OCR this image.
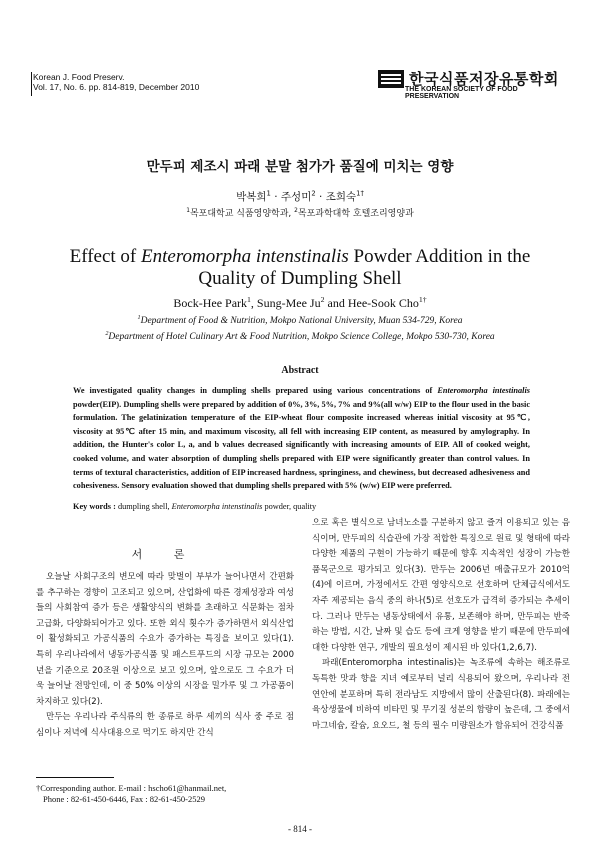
Korean J. Food Preserv.
Vol. 17, No. 6. pp. 814-819, December 2010	한국식품저장유통학회
THE KOREAN SOCIETY OF FOOD PRESERVATION
만두피 제조시 파래 분말 첨가가 품질에 미치는 영향
박복희$^1$ · 주성미$^2$ · 조희숙$^{1\dagger}$
$^1$목포대학교 식품영양학과, $^2$목포과학대학 호텔조리영양과
Effect of Enteromorpha intenstinalis Powder Addition in the Quality of Dumpling Shell
Bock-Hee Park$^1$, Sung-Mee Ju$^2$ and Hee-Sook Cho$^{1\dagger}$
$^1$Department of Food & Nutrition, Mokpo National University, Muan 534-729, Korea
$^2$Department of Hotel Culinary Art & Food Nutrition, Mokpo Science College, Mokpo 530-730, Korea
Abstract
We investigated quality changes in dumpling shells prepared using various concentrations of Enteromorpha intestinalis powder(EIP). Dumpling shells were prepared by addition of 0%, 3%, 5%, 7% and 9%(all w/w) EIP to the flour used in the basic formulation. The gelatinization temperature of the EIP-wheat flour composite increased whereas initial viscosity at 95℃, viscosity at 95℃ after 15 min, and maximum viscosity, all fell with increasing EIP content, as measured by amylography. In addition, the Hunter's color L, a, and b values decreased significantly with increasing amounts of EIP. All of cooked weight, cooked volume, and water absorption of dumpling shells prepared with EIP were significantly greater than control values. In terms of textural characteristics, addition of EIP increased hardness, springiness, and chewiness, but decreased adhesiveness and cohesiveness. Sensory evaluation showed that dumpling shells prepared with 5% (w/w) EIP were preferred.
Key words : dumpling shell, Enteromorpha intenstinalis powder, quality
서 론

오늘날 사회구조의 변모에 따라 맞벌이 부부가 늘어나면서 간편화를 추구하는 경향이 고조되고 있으며, 산업화에 따른 경제성장과 여성들의 사회참여 증가 등은 생활양식의 변화를 초래하고 식문화는 점차 고급화, 다양화되어가고 있다. 또한 외식 횟수가 증가하면서 외식산업이 활성화되고 가공식품의 수요가 증가하는 특징을 보이고 있다(1). 특히 우리나라에서 냉동가공식품 및 패스트푸드의 시장 규모는 2000년을 기준으로 20조원 이상으로 보고 있으며, 앞으로도 그 수요가 더욱 늘어날 전망인데, 이 중 50% 이상의 시장을 밀가루 및 그 가공품이 차지하고 있다(2).

만두는 우리나라 주식류의 한 종류로 하루 세끼의 식사 중 주로 점심이나 저녁에 식사대용으로 먹기도 하지만 간식

으로 혹은 별식으로 남녀노소를 구분하지 않고 즐겨 이용되고 있는 음식이며, 만두피의 식습관에 가장 적합한 특징으로 원료 및 형태에 따라 다양한 제품의 구현이 가능하기 때문에 향후 지속적인 성장이 가능한 품목군으로 평가되고 있다(3). 만두는 2006년 매출규모가 2010억(4)에 이르며, 가정에서도 간편 영양식으로 선호하며 단체급식에서도 자주 제공되는 음식 중의 하나(5)로 선호도가 급격히 증가되는 추세이다. 그러나 만두는 냉동상태에서 유통, 보존해야 하며, 만두피는 반죽하는 방법, 시간, 날짜 및 습도 등에 크게 영향을 받기 때문에 만두피에 대한 다양한 연구, 개발의 필요성이 제시된 바 있다(1,2,6,7).

파래(Enteromorpha intestinalis)는 녹조류에 속하는 해조류로 독특한 맛과 향을 지녀 예로부터 널리 식용되어 왔으며, 우리나라 전 연안에 분포하며 특히 전라남도 지방에서 많이 산출된다(8). 파래에는 육상생물에 비하여 비타민 및 무기질 성분의 함량이 높은데, 그 중에서 마그네슘, 칼슘, 요오드, 철 등의 필수 미량원소가 함유되어 건강식품

†Corresponding author. E-mail : hscho61@hanmail.net,
Phone : 82-61-450-6446, Fax : 82-61-450-2529
- 814 -
